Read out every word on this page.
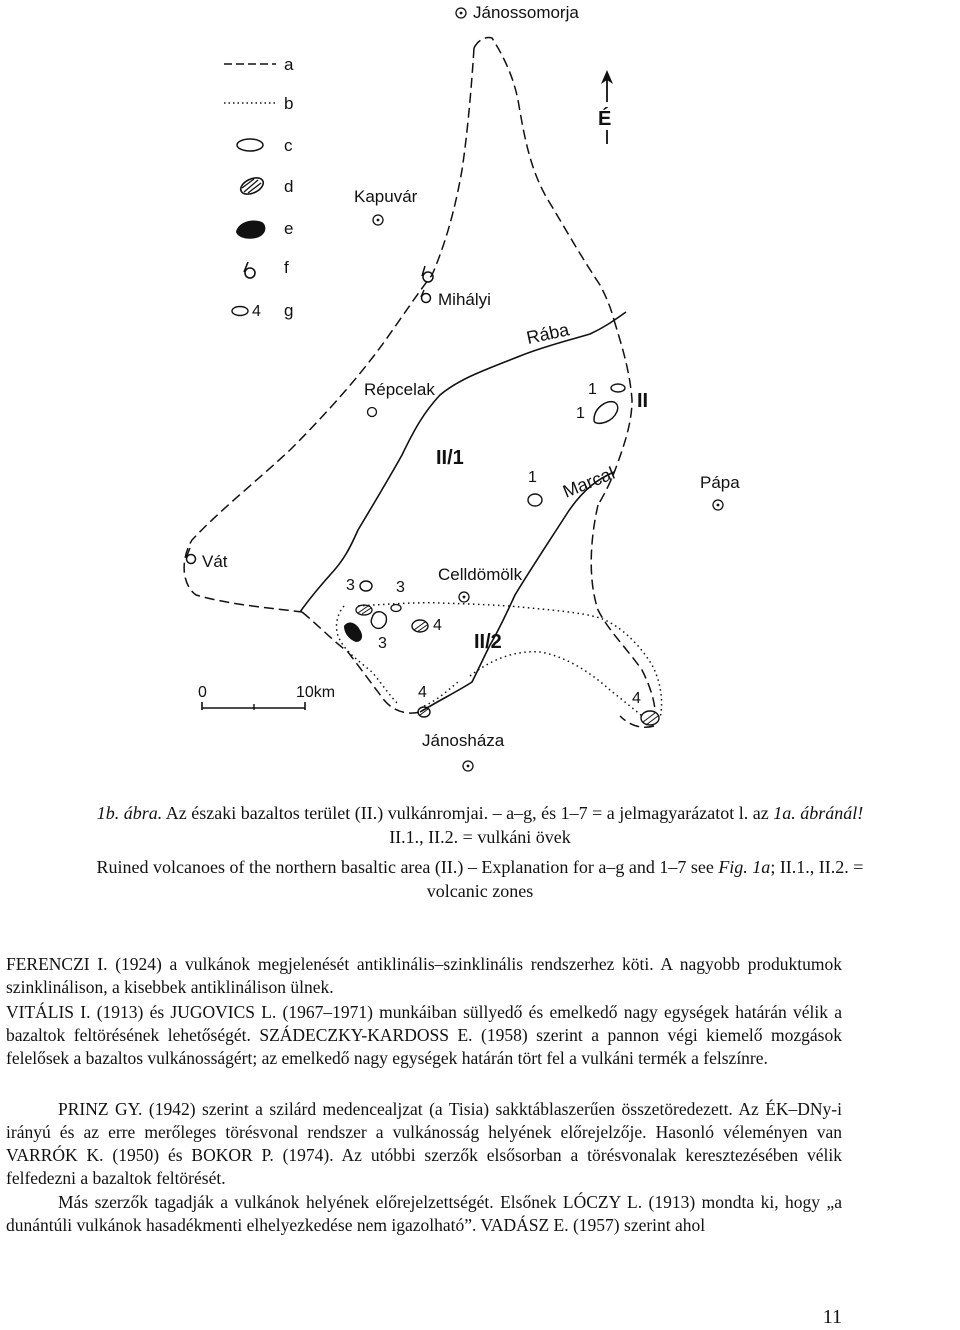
a
b
c
d
e
f
4 g
Jánossomorja
É
Rába
Marcal
II
II/1
II/2
Kapuvár
Mihályi
Répcelak
Vát
Celldömölk
Pápa
Jánosháza
1
1
1
3	3
3
4
4	4
0	10km
1b. ábra. Az északi bazaltos terület (II.) vulkánromjai. – a–g, és 1–7 = a jelmagyarázatot l. az 1a. ábránál!
II.1., II.2. = vulkáni övek
Ruined volcanoes of the northern basaltic area (II.) – Explanation for a–g and 1–7 see Fig. 1a; II.1., II.2. =
volcanic zones
FERENCZI I. (1924) a vulkánok megjelenését antiklinális–szinklinális rendszerhez köti. A nagyobb produktumok szinklinálison, a kisebbek antiklinálison ülnek.
VITÁLIS I. (1913) és JUGOVICS L. (1967–1971) munkáiban süllyedő és emelkedő nagy egységek határán vélik a bazaltok feltörésének lehetőségét. SZÁDECZKY-KARDOSS E. (1958) szerint a pannon végi kiemelő mozgások felelősek a bazaltos vulkánosságért; az emelkedő nagy egységek határán tört fel a vulkáni termék a felszínre.
PRINZ GY. (1942) szerint a szilárd medencealjzat (a Tisia) sakktáblaszerűen összetöredezett. Az ÉK–DNy-i irányú és az erre merőleges törésvonal rendszer a vulkánosság helyének előrejelzője. Hasonló véleményen van VARRÓK K. (1950) és BOKOR P. (1974). Az utóbbi szerzők elsősorban a törésvonalak keresztezésében vélik felfedezni a bazaltok feltörését.
Más szerzők tagadják a vulkánok helyének előrejelzettségét. Elsőnek LÓCZY L. (1913) mondta ki, hogy „a dunántúli vulkánok hasadékmenti elhelyezkedése nem igazolható”. VADÁSZ E. (1957) szerint ahol
11
